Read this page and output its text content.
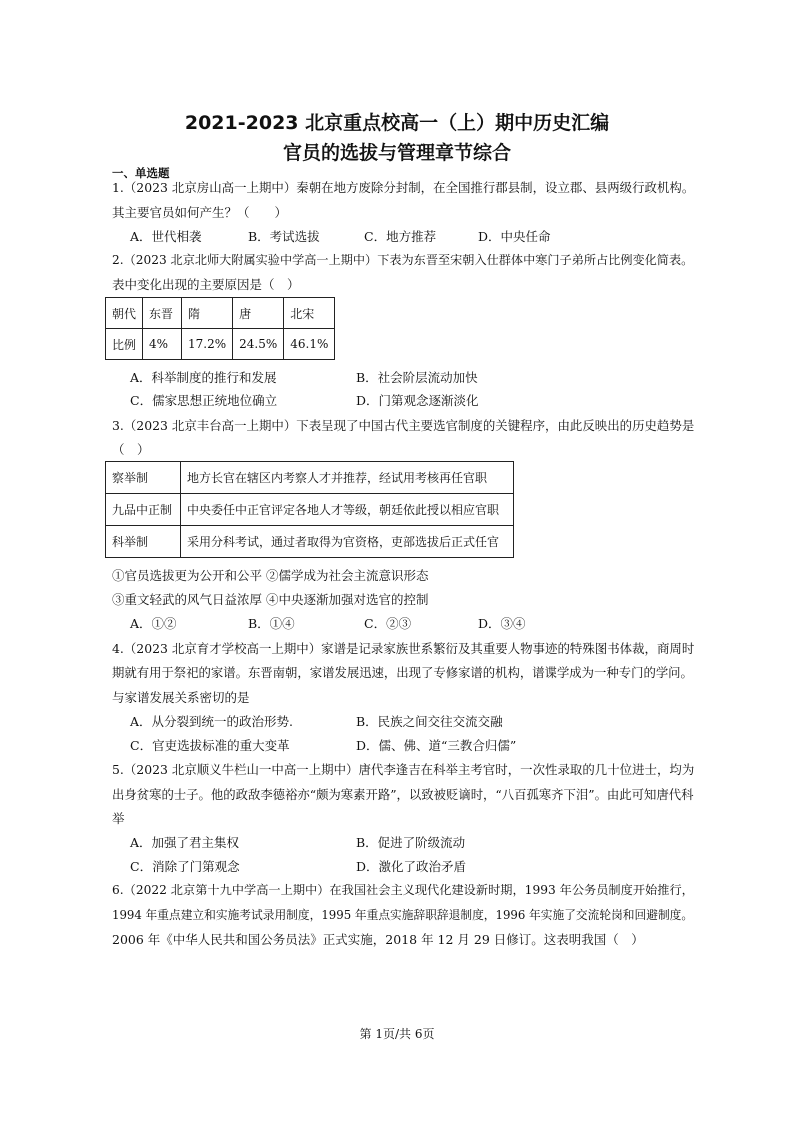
2021-2023 北京重点校高一（上）期中历史汇编
官员的选拔与管理章节综合
一、单选题
1.（2023 北京房山高一上期中）秦朝在地方废除分封制，在全国推行郡县制，设立郡、县两级行政机构。
其主要官员如何产生？（　　）
A．世代相袭	B．考试选拔	C．地方推荐	D．中央任命
2.（2023 北京北师大附属实验中学高一上期中）下表为东晋至宋朝入仕群体中寒门子弟所占比例变化简表。
表中变化出现的主要原因是（　）
朝代	东晋	隋	唐	北宋
比例	4%	17.2%	24.5%	46.1%
A．科举制度的推行和发展	B．社会阶层流动加快
C．儒家思想正统地位确立	D．门第观念逐渐淡化
3.（2023 北京丰台高一上期中）下表呈现了中国古代主要选官制度的关键程序，由此反映出的历史趋势是
（　）
察举制	地方长官在辖区内考察人才并推荐，经试用考核再任官职
九品中正制	中央委任中正官评定各地人才等级，朝廷依此授以相应官职
科举制	采用分科考试，通过者取得为官资格，吏部选拔后正式任官
①官员选拔更为公开和公平 ②儒学成为社会主流意识形态
③重文轻武的风气日益浓厚 ④中央逐渐加强对选官的控制
A．①②	B．①④	C．②③	D．③④
4.（2023 北京育才学校高一上期中）家谱是记录家族世系繁衍及其重要人物事迹的特殊图书体裁，商周时
期就有用于祭祀的家谱。东晋南朝，家谱发展迅速，出现了专修家谱的机构，谱谍学成为一种专门的学问。
与家谱发展关系密切的是
A．从分裂到统一的政治形势.	B．民族之间交往交流交融
C．官吏选拔标准的重大变革	D．儒、佛、道“三教合归儒”
5.（2023 北京顺义牛栏山一中高一上期中）唐代李逢吉在科举主考官时，一次性录取的几十位进士，均为
出身贫寒的士子。他的政敌李德裕亦“颇为寒素开路”，以致被贬谪时，“八百孤寒齐下泪”。由此可知唐代科
举
A．加强了君主集权	B．促进了阶级流动
C．消除了门第观念	D．激化了政治矛盾
6.（2022 北京第十九中学高一上期中）在我国社会主义现代化建设新时期，1993 年公务员制度开始推行，
1994 年重点建立和实施考试录用制度，1995 年重点实施辞职辞退制度，1996 年实施了交流轮岗和回避制度。
2006 年《中华人民共和国公务员法》正式实施，2018 年 12 月 29 日修订。这表明我国（　）
第 1页/共 6页
